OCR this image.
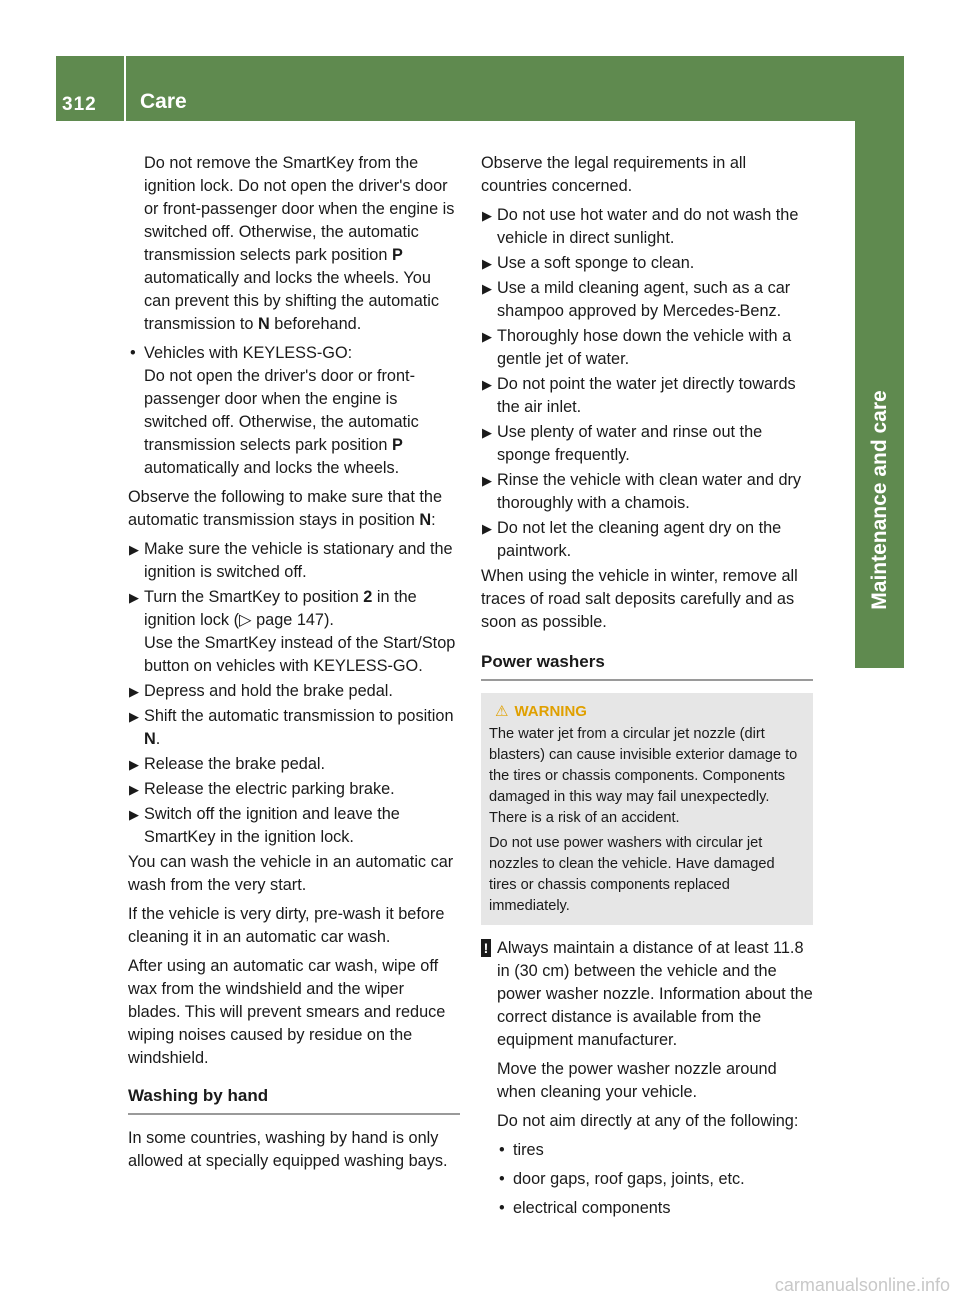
312 Care
Maintenance and care
Do not remove the SmartKey from the ignition lock. Do not open the driver's door or front-passenger door when the engine is switched off. Otherwise, the automatic transmission selects park position P automatically and locks the wheels. You can prevent this by shifting the automatic transmission to N beforehand.
• Vehicles with KEYLESS-GO:
Do not open the driver's door or front-passenger door when the engine is switched off. Otherwise, the automatic transmission selects park position P automatically and locks the wheels.
Observe the following to make sure that the automatic transmission stays in position N:
▶ Make sure the vehicle is stationary and the ignition is switched off.
▶ Turn the SmartKey to position 2 in the ignition lock (▷ page 147).
Use the SmartKey instead of the Start/Stop button on vehicles with KEYLESS-GO.
▶ Depress and hold the brake pedal.
▶ Shift the automatic transmission to position N.
▶ Release the brake pedal.
▶ Release the electric parking brake.
▶ Switch off the ignition and leave the SmartKey in the ignition lock.
You can wash the vehicle in an automatic car wash from the very start.
If the vehicle is very dirty, pre-wash it before cleaning it in an automatic car wash.
After using an automatic car wash, wipe off wax from the windshield and the wiper blades. This will prevent smears and reduce wiping noises caused by residue on the windshield.
Washing by hand
In some countries, washing by hand is only allowed at specially equipped washing bays.
Observe the legal requirements in all countries concerned.
▶ Do not use hot water and do not wash the vehicle in direct sunlight.
▶ Use a soft sponge to clean.
▶ Use a mild cleaning agent, such as a car shampoo approved by Mercedes-Benz.
▶ Thoroughly hose down the vehicle with a gentle jet of water.
▶ Do not point the water jet directly towards the air inlet.
▶ Use plenty of water and rinse out the sponge frequently.
▶ Rinse the vehicle with clean water and dry thoroughly with a chamois.
▶ Do not let the cleaning agent dry on the paintwork.
When using the vehicle in winter, remove all traces of road salt deposits carefully and as soon as possible.
Power washers
⚠ WARNING
The water jet from a circular jet nozzle (dirt blasters) can cause invisible exterior damage to the tires or chassis components. Components damaged in this way may fail unexpectedly. There is a risk of an accident.
Do not use power washers with circular jet nozzles to clean the vehicle. Have damaged tires or chassis components replaced immediately.
! Always maintain a distance of at least 11.8 in (30 cm) between the vehicle and the power washer nozzle. Information about the correct distance is available from the equipment manufacturer.
Move the power washer nozzle around when cleaning your vehicle.
Do not aim directly at any of the following:
• tires
• door gaps, roof gaps, joints, etc.
• electrical components
carmanualsonline.info
